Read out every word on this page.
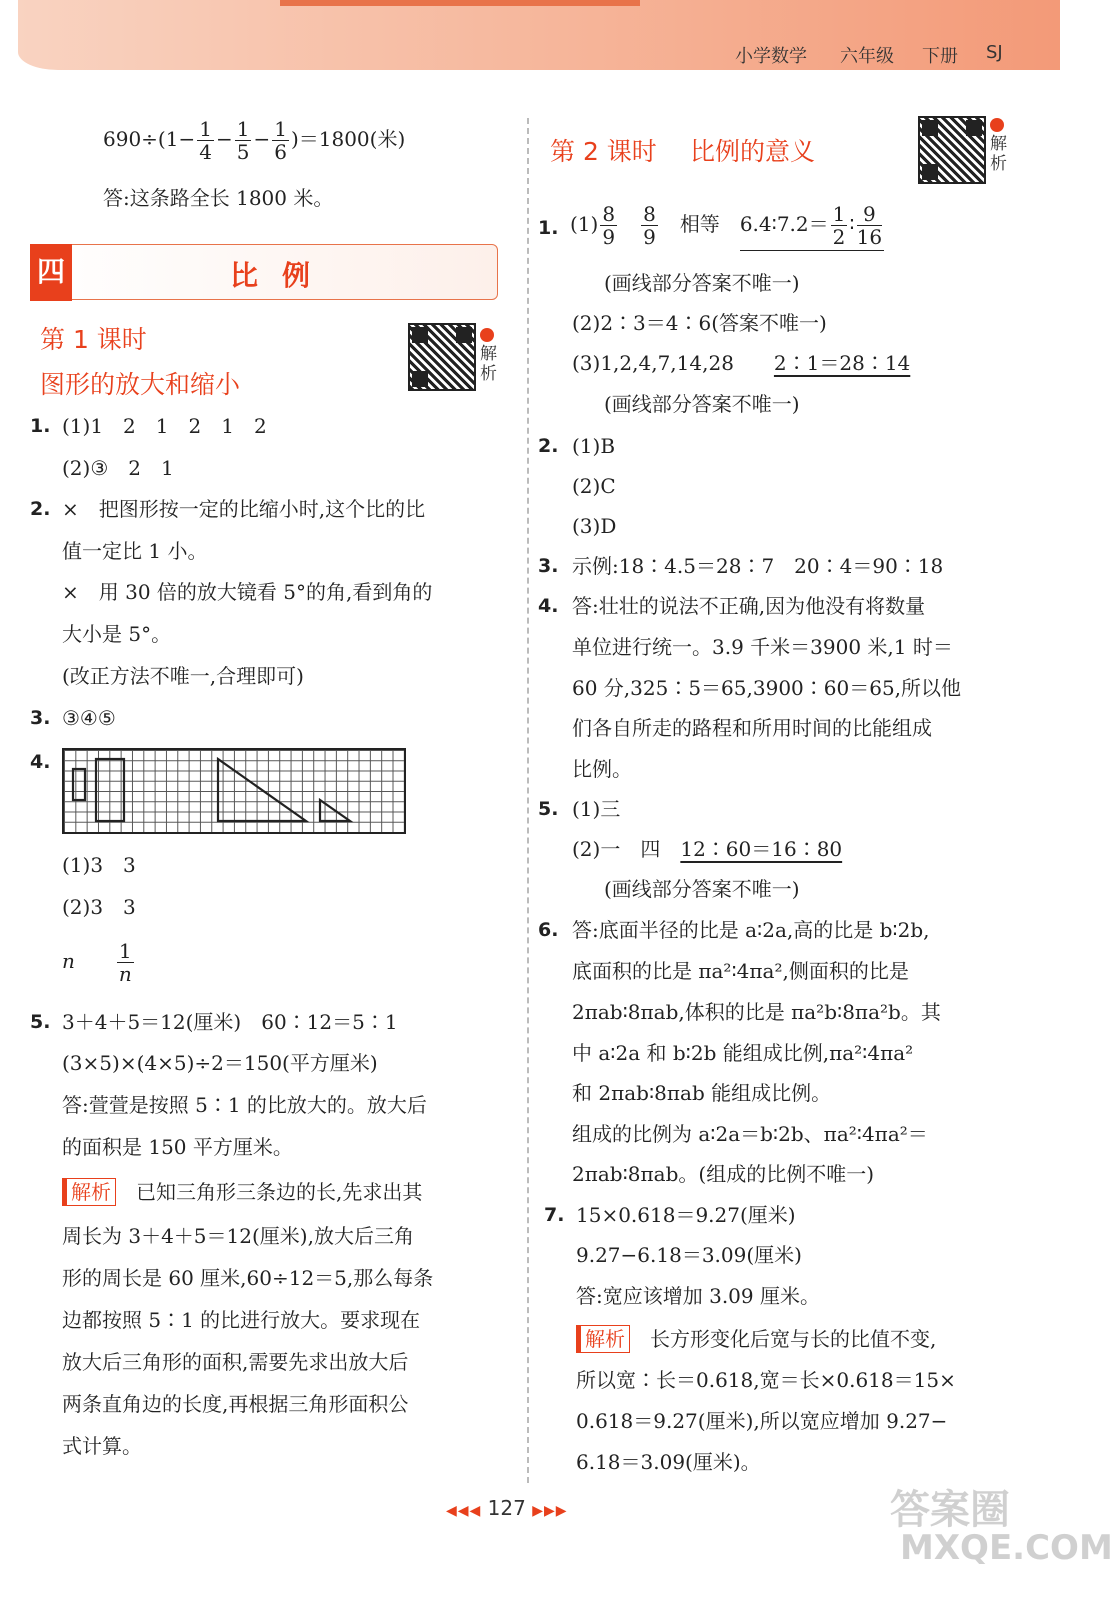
小学数学 六年级 下册 SJ
$690\div(1- \frac{1}{4} - \frac{1}{5} - \frac{1}{6} )=1800$(米)
答:这条路全长 1800 米。
四	比例
第 1 课时
图形的放大和缩小
解析
1. (1)1　2　1　2　1　2
(2)③　2　1
2. ×　把图形按一定的比缩小时,这个比的比
值一定比 1 小。
×　用 30 倍的放大镜看 5°的角,看到角的
大小是 5°。
(改正方法不唯一,合理即可)
3. ③④⑤
4.
(1)3　3
(2)3　3
n　　 $\frac{1}{n}$
5. 3＋4＋5＝12(厘米)　60∶12＝5∶1
(3×5)×(4×5)÷2＝150(平方厘米)
答:萱萱是按照 5∶1 的比放大的。放大后
的面积是 150 平方厘米。
解析　 已知三角形三条边的长,先求出其
周长为 3＋4＋5＝12(厘米),放大后三角
形的周长是 60 厘米,60÷12＝5,那么每条
边都按照 5∶1 的比进行放大。要求现在
放大后三角形的面积,需要先求出放大后
两条直角边的长度,再根据三角形面积公
式计算。
第 2 课时 比例的意义	解析
1. $(1) \frac{8}{9}$
　 $\frac{8}{9}$
　 相等　 6.4∶7.2＝ $\frac{1}{2}$ ∶ $\frac{9}{16}$
(画线部分答案不唯一)
(2)2∶3＝4∶6(答案不唯一)
(3)1,2,4,7,14,28　　 2∶1＝28∶14
(画线部分答案不唯一)
2. (1)B
(2)C
(3)D
3. 示例:18∶4.5＝28∶7　20∶4＝90∶18
4. 答:壮壮的说法不正确,因为他没有将数量
单位进行统一。3.9 千米＝3900 米,1 时＝
60 分,325∶5＝65,3900∶60＝65,所以他
们各自所走的路程和所用时间的比能组成
比例。
5. (1)三
(2)一　四　 12∶60＝16∶80
(画线部分答案不唯一)
6. 答:底面半径的比是 a∶2a,高的比是 b∶2b,
底面积的比是 πa²∶4πa²,侧面积的比是
2πab∶8πab,体积的比是 πa²b∶8πa²b。其
中 a∶2a 和 b∶2b 能组成比例,πa²∶4πa²
和 2πab∶8πab 能组成比例。
组成的比例为 a∶2a＝b∶2b、πa²∶4πa²＝
2πab∶8πab。(组成的比例不唯一)
7. 15×0.618＝9.27(厘米)
9.27−6.18＝3.09(厘米)
答:宽应该增加 3.09 厘米。
解析　 长方形变化后宽与长的比值不变,
所以宽∶长＝0.618,宽＝长×0.618＝15×
0.618＝9.27(厘米),所以宽应增加 9.27−
6.18＝3.09(厘米)。
◀◀◀ 127 ▶▶▶	答案圈
MXQE.COM
